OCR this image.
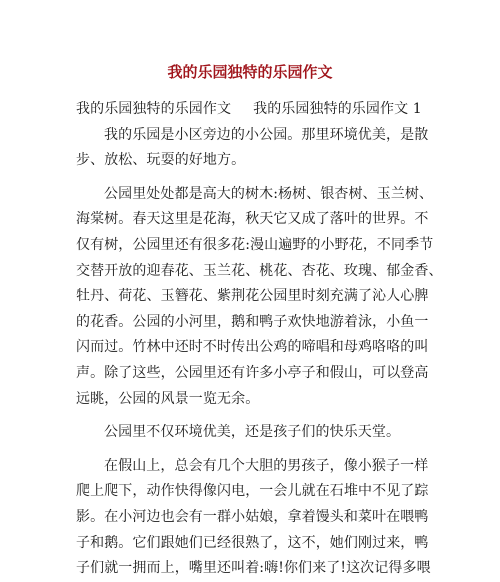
我的乐园独特的乐园作文
我的乐园独特的乐园作文 我的乐园独特的乐园作文 1
我的乐园是小区旁边的小公园。那里环境优美，是散
步、放松、玩耍的好地方。
公园里处处都是高大的树木:杨树、银杏树、玉兰树、
海棠树。春天这里是花海，秋天它又成了落叶的世界。不
仅有树，公园里还有很多花:漫山遍野的小野花，不同季节
交替开放的迎春花、玉兰花、桃花、杏花、玫瑰、郁金香、
牡丹、荷花、玉簪花、紫荆花公园里时刻充满了沁人心脾
的花香。公园的小河里，鹅和鸭子欢快地游着泳，小鱼一
闪而过。竹林中还时不时传出公鸡的啼唱和母鸡咯咯的叫
声。除了这些，公园里还有许多小亭子和假山，可以登高
远眺，公园的风景一览无余。
公园里不仅环境优美，还是孩子们的快乐天堂。
在假山上，总会有几个大胆的男孩子，像小猴子一样
爬上爬下，动作快得像闪电，一会儿就在石堆中不见了踪
影。在小河边也会有一群小姑娘，拿着馒头和菜叶在喂鸭
子和鹅。它们跟她们已经很熟了，这不，她们刚过来，鸭
子们就一拥而上，嘴里还叫着:嗨!你们来了!这次记得多喂
